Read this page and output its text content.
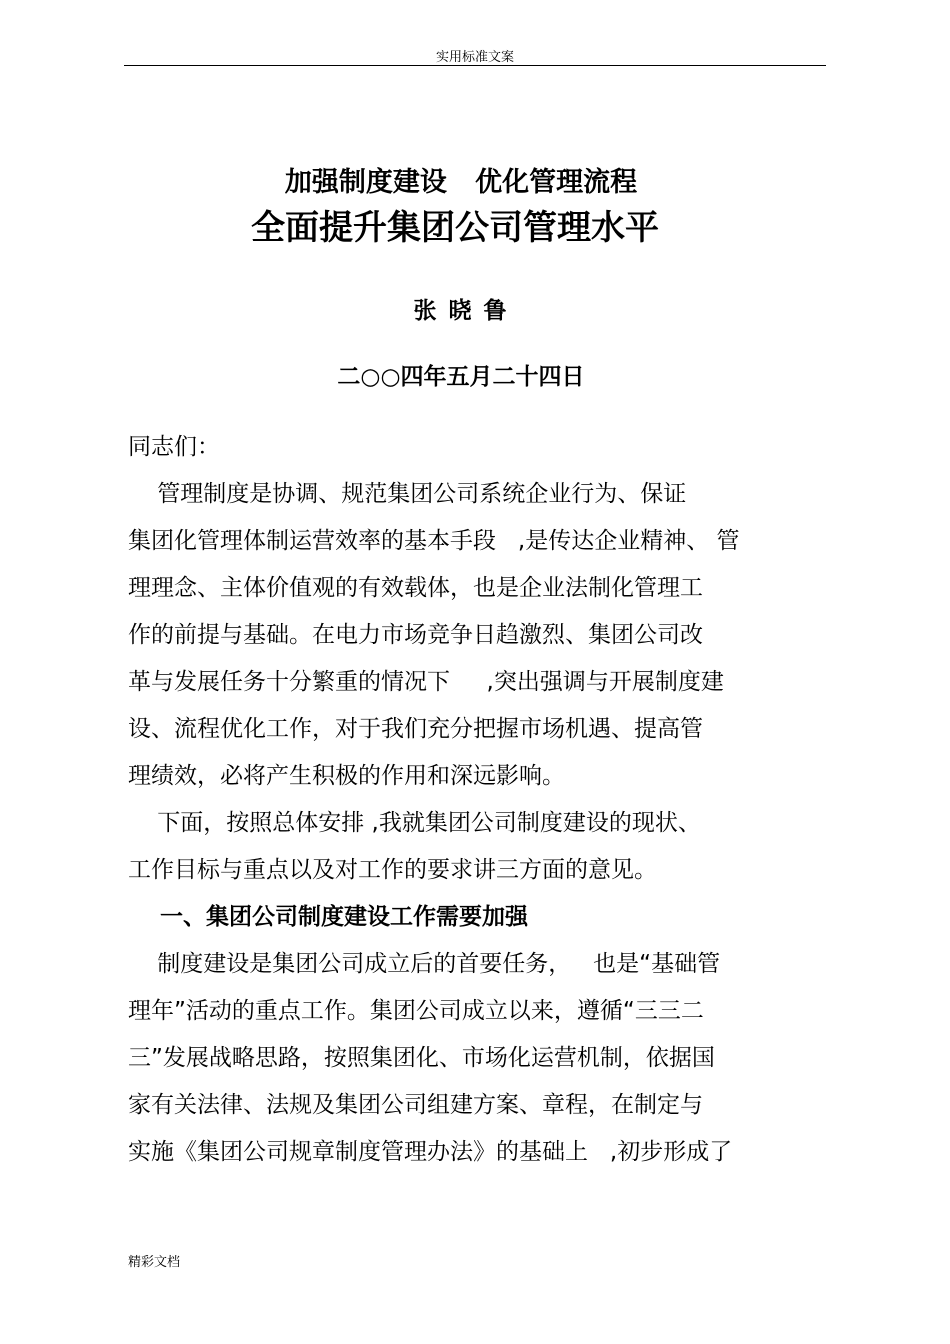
实用标准文案
加强制度建设   优化管理流程
全面提升集团公司管理水平
张晓鲁
二○○四年五月二十四日
同志们：
管理制度是协调、规范集团公司系统企业行为、保证
集团化管理体制运营效率的基本手段   ,是传达企业精神、 管
理理念、主体价值观的有效载体，也是企业法制化管理工
作的前提与基础。在电力市场竞争日趋激烈、集团公司改
革与发展任务十分繁重的情况下     ,突出强调与开展制度建
设、流程优化工作，对于我们充分把握市场机遇、提高管
理绩效，必将产生积极的作用和深远影响。
下面，按照总体安排 ,我就集团公司制度建设的现状、
工作目标与重点以及对工作的要求讲三方面的意见。
一、集团公司制度建设工作需要加强
制度建设是集团公司成立后的首要任务，   也是“基础管
理年”活动的重点工作。集团公司成立以来，遵循“三三二
三”发展战略思路，按照集团化、市场化运营机制，依据国
家有关法律、法规及集团公司组建方案、章程，在制定与
实施《集团公司规章制度管理办法》的基础上   ,初步形成了
精彩文档
